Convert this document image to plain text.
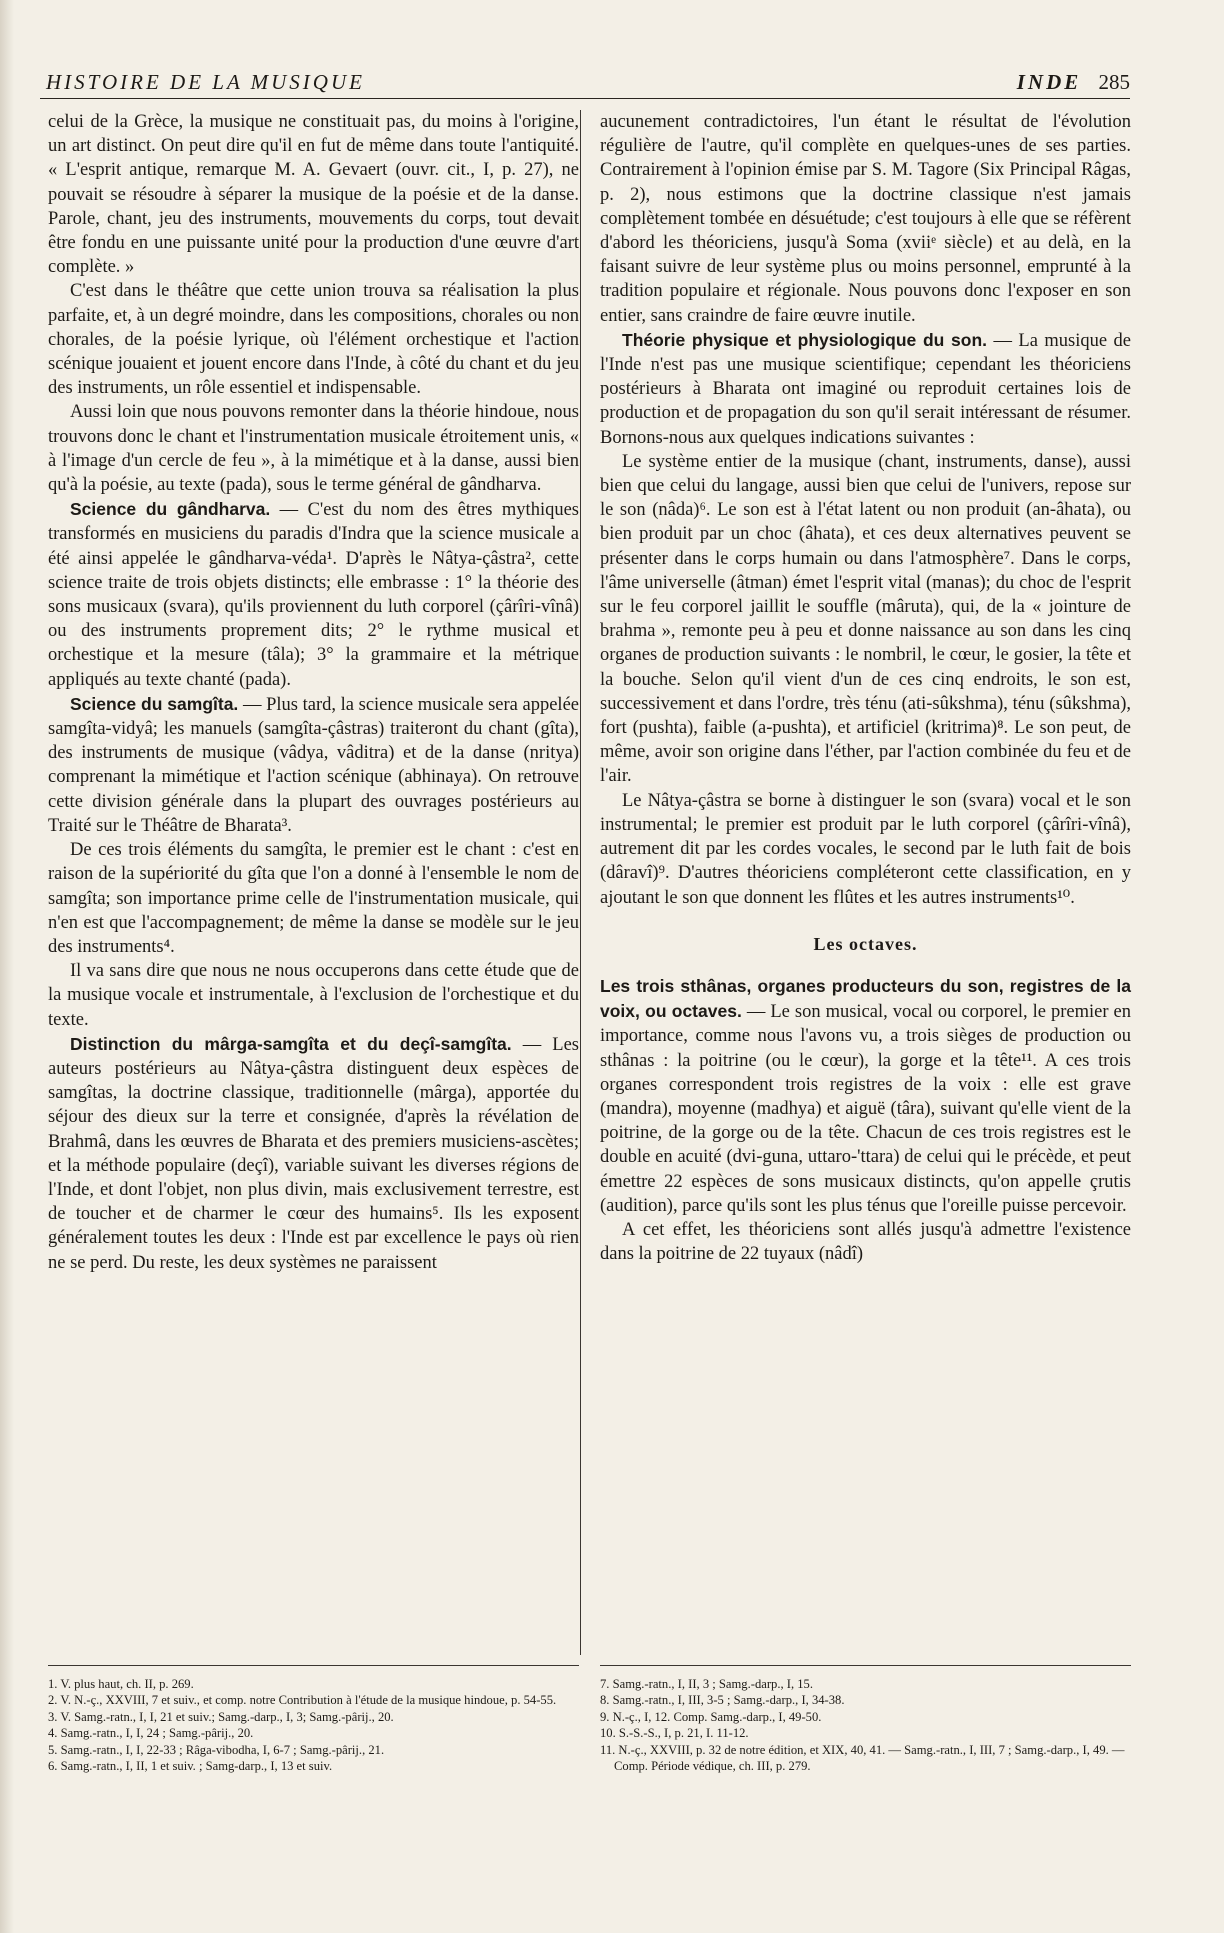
HISTOIRE DE LA MUSIQUE	INDE 285

celui de la Grèce, la musique ne constituait pas, du moins à l'origine, un art distinct. On peut dire qu'il en fut de même dans toute l'antiquité. « L'esprit antique, remarque M. A. Gevaert (ouvr. cit., I, p. 27), ne pouvait se résoudre à séparer la musique de la poésie et de la danse. Parole, chant, jeu des instruments, mouvements du corps, tout devait être fondu en une puissante unité pour la production d'une œuvre d'art complète. »

C'est dans le théâtre que cette union trouva sa réalisation la plus parfaite, et, à un degré moindre, dans les compositions, chorales ou non chorales, de la poésie lyrique, où l'élément orchestique et l'action scénique jouaient et jouent encore dans l'Inde, à côté du chant et du jeu des instruments, un rôle essentiel et indispensable.

Aussi loin que nous pouvons remonter dans la théorie hindoue, nous trouvons donc le chant et l'instrumentation musicale étroitement unis, « à l'image d'un cercle de feu », à la mimétique et à la danse, aussi bien qu'à la poésie, au texte (pada), sous le terme général de gândharva.

Science du gândharva. — C'est du nom des êtres mythiques transformés en musiciens du paradis d'Indra que la science musicale a été ainsi appelée le gândharva-véda¹. D'après le Nâtya-çâstra², cette science traite de trois objets distincts; elle embrasse : 1° la théorie des sons musicaux (svara), qu'ils proviennent du luth corporel (çârîri-vînâ) ou des instruments proprement dits; 2° le rythme musical et orchestique et la mesure (tâla); 3° la grammaire et la métrique appliqués au texte chanté (pada).

Science du samgîta. — Plus tard, la science musicale sera appelée samgîta-vidyâ; les manuels (samgîta-çâstras) traiteront du chant (gîta), des instruments de musique (vâdya, vâditra) et de la danse (nritya) comprenant la mimétique et l'action scénique (abhinaya). On retrouve cette division générale dans la plupart des ouvrages postérieurs au Traité sur le Théâtre de Bharata³.

De ces trois éléments du samgîta, le premier est le chant : c'est en raison de la supériorité du gîta que l'on a donné à l'ensemble le nom de samgîta; son importance prime celle de l'instrumentation musicale, qui n'en est que l'accompagnement; de même la danse se modèle sur le jeu des instruments⁴.

Il va sans dire que nous ne nous occuperons dans cette étude que de la musique vocale et instrumentale, à l'exclusion de l'orchestique et du texte.

Distinction du mârga-samgîta et du deçî-samgîta. — Les auteurs postérieurs au Nâtya-çâstra distinguent deux espèces de samgîtas, la doctrine classique, traditionnelle (mârga), apportée du séjour des dieux sur la terre et consignée, d'après la révélation de Brahmâ, dans les œuvres de Bharata et des premiers musiciens-ascètes; et la méthode populaire (deçî), variable suivant les diverses régions de l'Inde, et dont l'objet, non plus divin, mais exclusivement terrestre, est de toucher et de charmer le cœur des humains⁵. Ils les exposent généralement toutes les deux : l'Inde est par excellence le pays où rien ne se perd. Du reste, les deux systèmes ne paraissent

aucunement contradictoires, l'un étant le résultat de l'évolution régulière de l'autre, qu'il complète en quelques-unes de ses parties. Contrairement à l'opinion émise par S. M. Tagore (Six Principal Râgas, p. 2), nous estimons que la doctrine classique n'est jamais complètement tombée en désuétude; c'est toujours à elle que se réfèrent d'abord les théoriciens, jusqu'à Soma (xviiᵉ siècle) et au delà, en la faisant suivre de leur système plus ou moins personnel, emprunté à la tradition populaire et régionale. Nous pouvons donc l'exposer en son entier, sans craindre de faire œuvre inutile.

Théorie physique et physiologique du son. — La musique de l'Inde n'est pas une musique scientifique; cependant les théoriciens postérieurs à Bharata ont imaginé ou reproduit certaines lois de production et de propagation du son qu'il serait intéressant de résumer. Bornons-nous aux quelques indications suivantes :

Le système entier de la musique (chant, instruments, danse), aussi bien que celui du langage, aussi bien que celui de l'univers, repose sur le son (nâda)⁶. Le son est à l'état latent ou non produit (an-âhata), ou bien produit par un choc (âhata), et ces deux alternatives peuvent se présenter dans le corps humain ou dans l'atmosphère⁷. Dans le corps, l'âme universelle (âtman) émet l'esprit vital (manas); du choc de l'esprit sur le feu corporel jaillit le souffle (mâruta), qui, de la « jointure de brahma », remonte peu à peu et donne naissance au son dans les cinq organes de production suivants : le nombril, le cœur, le gosier, la tête et la bouche. Selon qu'il vient d'un de ces cinq endroits, le son est, successivement et dans l'ordre, très ténu (ati-sûkshma), ténu (sûkshma), fort (pushta), faible (a-pushta), et artificiel (kritrima)⁸. Le son peut, de même, avoir son origine dans l'éther, par l'action combinée du feu et de l'air.

Le Nâtya-çâstra se borne à distinguer le son (svara) vocal et le son instrumental; le premier est produit par le luth corporel (çârîri-vînâ), autrement dit par les cordes vocales, le second par le luth fait de bois (dâravî)⁹. D'autres théoriciens compléteront cette classification, en y ajoutant le son que donnent les flûtes et les autres instruments¹⁰.

Les octaves.

Les trois sthânas, organes producteurs du son, registres de la voix, ou octaves. — Le son musical, vocal ou corporel, le premier en importance, comme nous l'avons vu, a trois sièges de production ou sthânas : la poitrine (ou le cœur), la gorge et la tête¹¹. A ces trois organes correspondent trois registres de la voix : elle est grave (mandra), moyenne (madhya) et aiguë (târa), suivant qu'elle vient de la poitrine, de la gorge ou de la tête. Chacun de ces trois registres est le double en acuité (dvi-guna, uttaro-'ttara) de celui qui le précède, et peut émettre 22 espèces de sons musicaux distincts, qu'on appelle çrutis (audition), parce qu'ils sont les plus ténus que l'oreille puisse percevoir.

A cet effet, les théoriciens sont allés jusqu'à admettre l'existence dans la poitrine de 22 tuyaux (nâdî)

1. V. plus haut, ch. II, p. 269.
2. V. N.-ç., XXVIII, 7 et suiv., et comp. notre Contribution à l'étude de la musique hindoue, p. 54-55.
3. V. Samg.-ratn., I, I, 21 et suiv.; Samg.-darp., I, 3; Samg.-pârij., 20.
4. Samg.-ratn., I, I, 24 ; Samg.-pârij., 20.
5. Samg.-ratn., I, I, 22-33 ; Râga-vibodha, I, 6-7 ; Samg.-pârij., 21.
6. Samg.-ratn., I, II, 1 et suiv. ; Samg-darp., I, 13 et suiv.
7. Samg.-ratn., I, II, 3 ; Samg.-darp., I, 15.
8. Samg.-ratn., I, III, 3-5 ; Samg.-darp., I, 34-38.
9. N.-ç., I, 12. Comp. Samg.-darp., I, 49-50.
10. S.-S.-S., I, p. 21, I. 11-12.
11. N.-ç., XXVIII, p. 32 de notre édition, et XIX, 40, 41. — Samg.-ratn., I, III, 7 ; Samg.-darp., I, 49. — Comp. Période védique, ch. III, p. 279.
